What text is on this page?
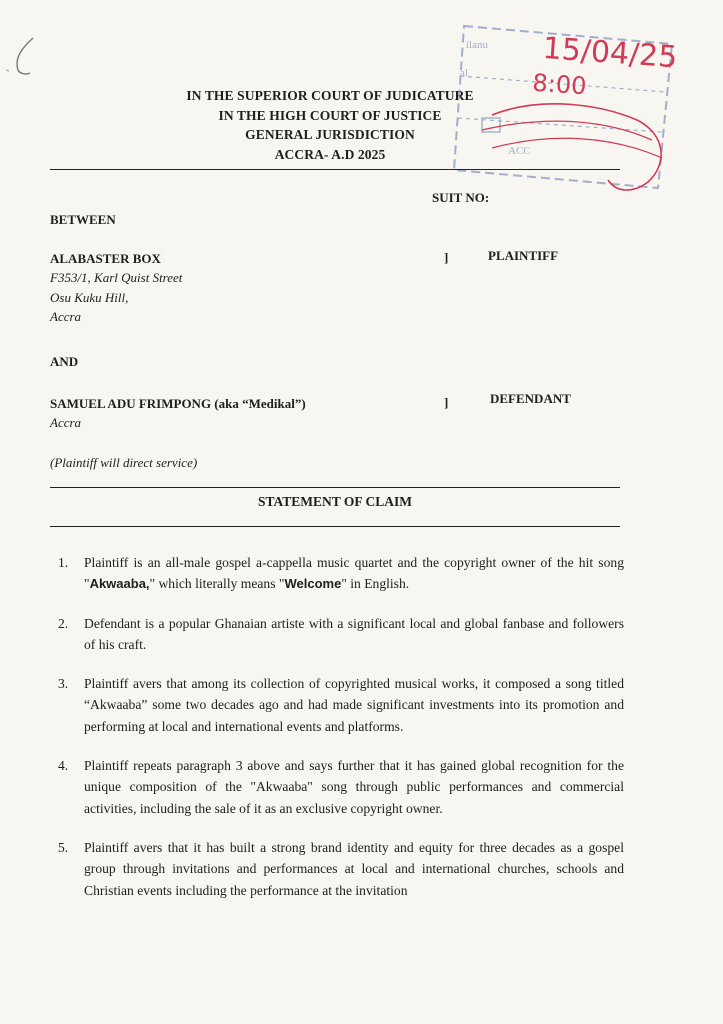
IN THE SUPERIOR COURT OF JUDICATURE
IN THE HIGH COURT OF JUSTICE
GENERAL JURISDICTION
ACCRA- A.D 2025
ilanu
al
ACC
15/04/25
8:00
SUIT NO:
BETWEEN
ALABASTER BOX
F353/1, Karl Quist Street
Osu Kuku Hill,
Accra
]	PLAINTIFF
AND
SAMUEL ADU FRIMPONG (aka “Medikal”)
Accra
]	DEFENDANT
(Plaintiff will direct service)
STATEMENT OF CLAIM
1.	Plaintiff is an all-male gospel a-cappella music quartet and the copyright owner of the hit song "Akwaaba," which literally means "Welcome" in English.
2.	Defendant is a popular Ghanaian artiste with a significant local and global fanbase and followers of his craft.
3.	Plaintiff avers that among its collection of copyrighted musical works, it composed a song titled “Akwaaba” some two decades ago and had made significant investments into its promotion and performing at local and international events and platforms.
4.	Plaintiff repeats paragraph 3 above and says further that it has gained global recognition for the unique composition of the "Akwaaba" song through public performances and commercial activities, including the sale of it as an exclusive copyright owner.
5.	Plaintiff avers that it has built a strong brand identity and equity for three decades as a gospel group through invitations and performances at local and international churches, schools and Christian events including the performance at the invitation
